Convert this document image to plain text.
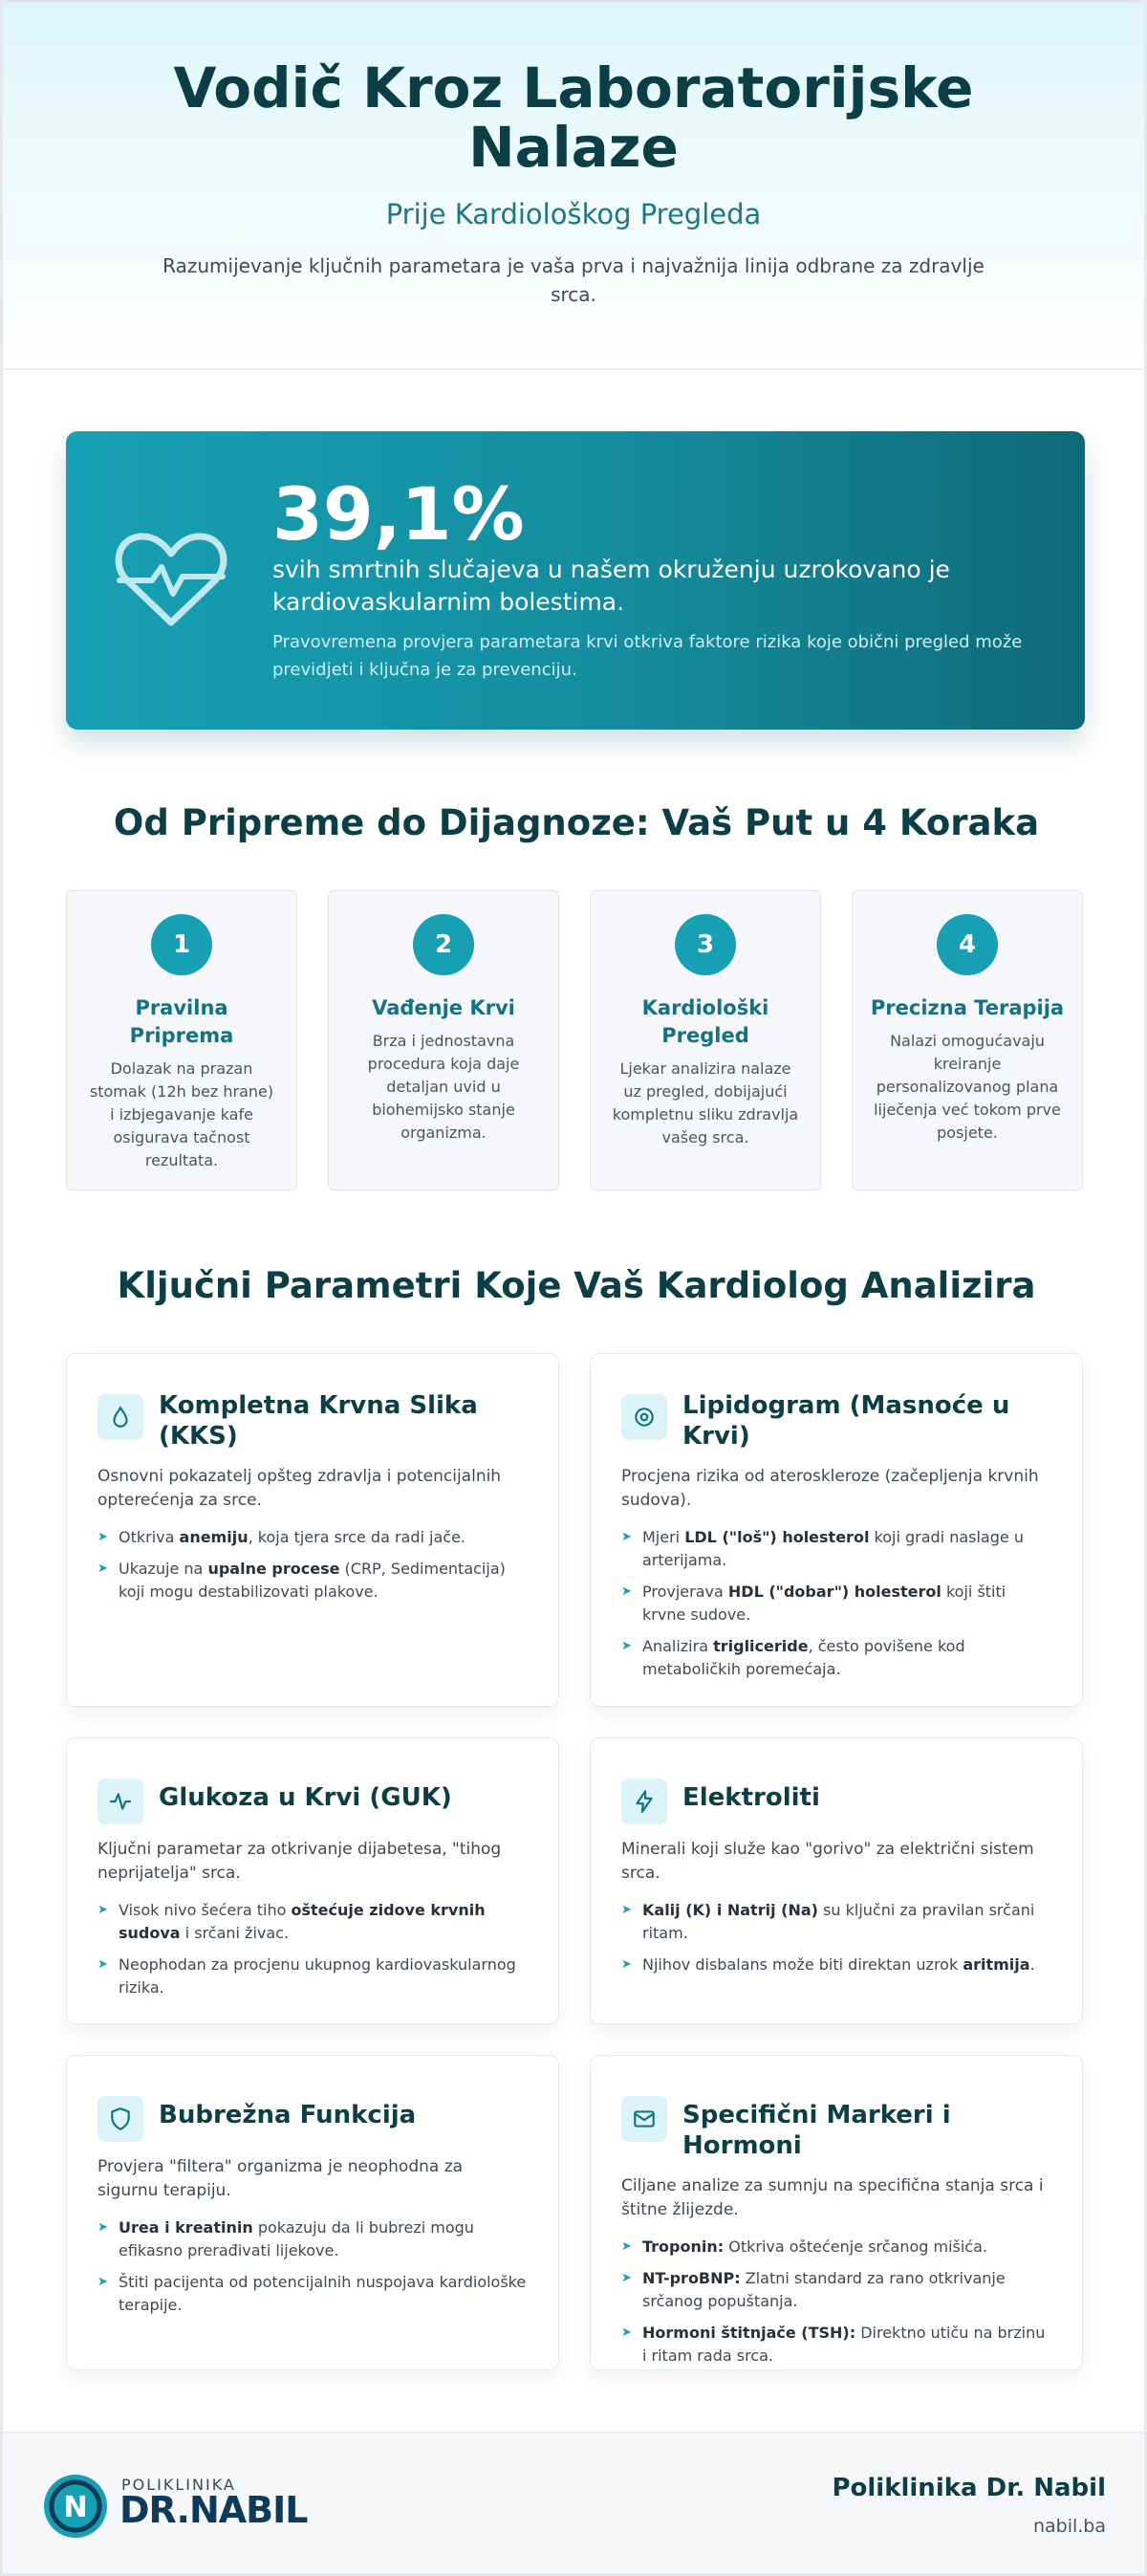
Vodič Kroz Laboratorijske Nalaze
Prije Kardiološkog Pregleda

Razumijevanje ključnih parametara je vaša prva i najvažnija linija odbrane za zdravlje srca.

39,1%
svih smrtnih slučajeva u našem okruženju uzrokovano je kardiovaskularnim bolestima.
Pravovremena provjera parametara krvi otkriva faktore rizika koje obični pregled može previdjeti i ključna je za prevenciju.
Od Pripreme do Dijagnoze: Vaš Put u 4 Koraka
1
Pravilna Priprema
Dolazak na prazan stomak (12h bez hrane) i izbjegavanje kafe osigurava tačnost rezultata.
2
Vađenje Krvi
Brza i jednostavna procedura koja daje detaljan uvid u biohemijsko stanje organizma.
3
Kardiološki Pregled
Ljekar analizira nalaze uz pregled, dobijajući kompletnu sliku zdravlja vašeg srca.
4
Precizna Terapija
Nalazi omogućavaju kreiranje personalizovanog plana liječenja već tokom prve posjete.
Ključni Parametri Koje Vaš Kardiolog Analizira
Kompletna Krvna Slika (KKS)

Osnovni pokazatelj opšteg zdravlja i potencijalnih opterećenja za srce.

➤ Otkriva anemiju, koja tjera srce da radi jače.
➤ Ukazuje na upalne procese (CRP, Sedimentacija) koji mogu destabilizovati plakove.
Lipidogram (Masnoće u Krvi)

Procjena rizika od ateroskleroze (začepljenja krvnih sudova).

➤ Mjeri LDL ("loš") holesterol koji gradi naslage u arterijama.
➤ Provjerava HDL ("dobar") holesterol koji štiti krvne sudove.
➤ Analizira trigliceride, često povišene kod metaboličkih poremećaja.
Glukoza u Krvi (GUK)

Ključni parametar za otkrivanje dijabetesa, "tihog neprijatelja" srca.

➤ Visok nivo šećera tiho oštećuje zidove krvnih sudova i srčani živac.
➤ Neophodan za procjenu ukupnog kardiovaskularnog rizika.
Elektroliti

Minerali koji služe kao "gorivo" za električni sistem srca.

➤ Kalij (K) i Natrij (Na) su ključni za pravilan srčani ritam.
➤ Njihov disbalans može biti direktan uzrok aritmija.
Bubrežna Funkcija

Provjera "filtera" organizma je neophodna za sigurnu terapiju.

➤ Urea i kreatinin pokazuju da li bubrezi mogu efikasno prerađivati lijekove.
➤ Štiti pacijenta od potencijalnih nuspojava kardiološke terapije.
Specifični Markeri i Hormoni

Ciljane analize za sumnju na specifična stanja srca i štitne žlijezde.

➤ Troponin: Otkriva oštećenje srčanog mišića.
➤ NT-proBNP: Zlatni standard za rano otkrivanje srčanog popuštanja.
➤ Hormoni štitnjače (TSH): Direktno utiču na brzinu i ritam rada srca.
N
POLIKLINIKA
DR.NABIL
Poliklinika Dr. Nabil
nabil.ba
